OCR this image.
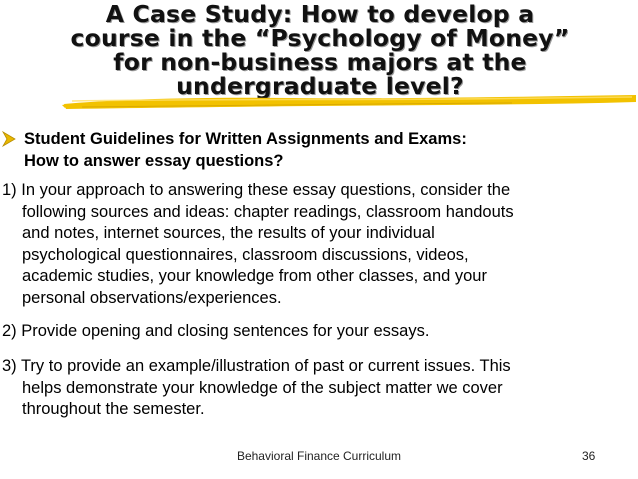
A Case Study: How to develop a
course in the “Psychology of Money”
for non-business majors at the
undergraduate level?
Student Guidelines for Written Assignments and Exams:
How to answer essay questions?
1) In your approach to answering these essay questions, consider the
following sources and ideas: chapter readings, classroom handouts
and notes, internet sources, the results of your individual
psychological questionnaires, classroom discussions, videos,
academic studies, your knowledge from other classes, and your
personal observations/experiences.
2) Provide opening and closing sentences for your essays.
3) Try to provide an example/illustration of past or current issues. This
helps demonstrate your knowledge of the subject matter we cover
throughout the semester.
Behavioral Finance Curriculum	36
